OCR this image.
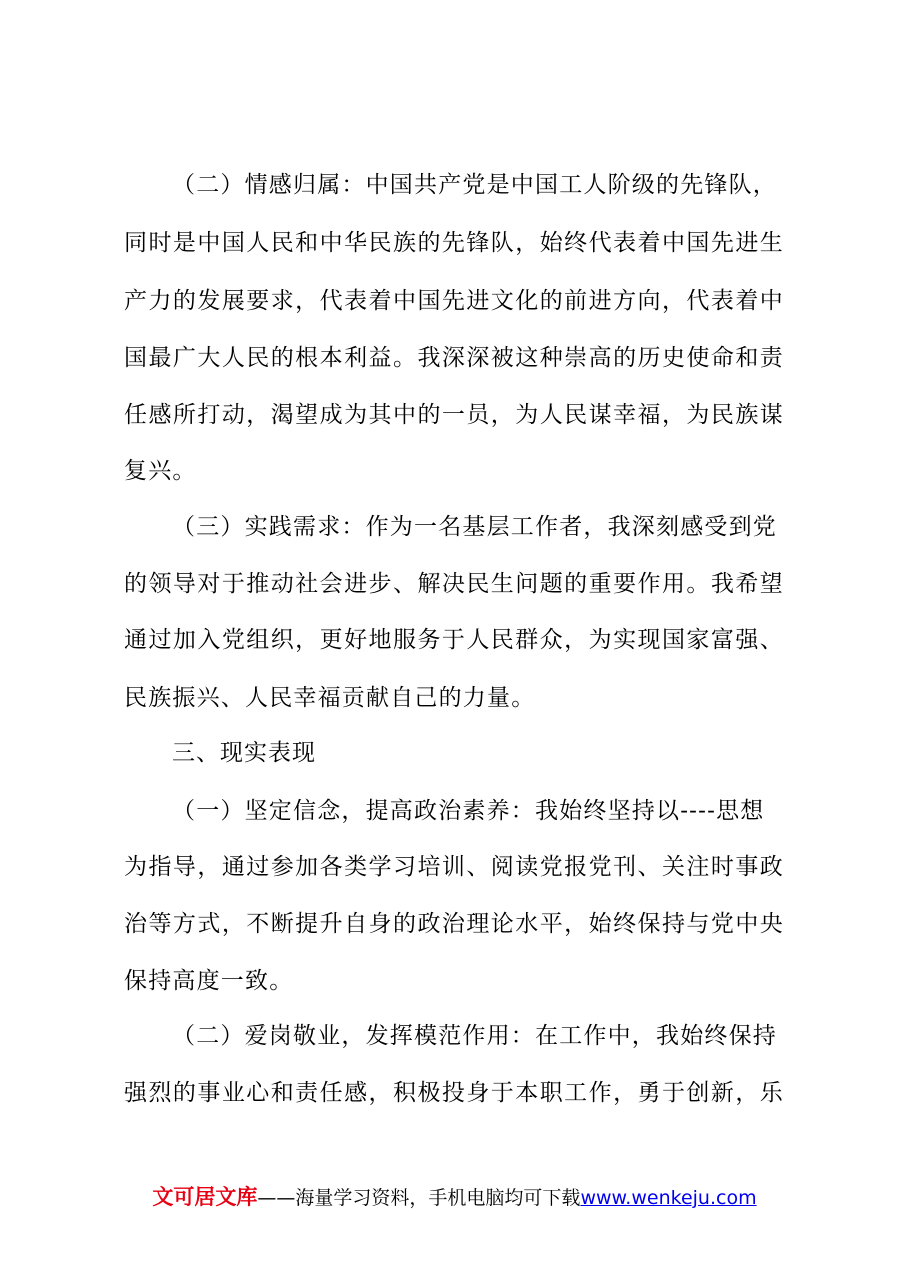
（二）情感归属：中国共产党是中国工人阶级的先锋队，
同时是中国人民和中华民族的先锋队，始终代表着中国先进生
产力的发展要求，代表着中国先进文化的前进方向，代表着中
国最广大人民的根本利益。我深深被这种崇高的历史使命和责
任感所打动，渴望成为其中的一员，为人民谋幸福，为民族谋
复兴。
（三）实践需求：作为一名基层工作者，我深刻感受到党
的领导对于推动社会进步、解决民生问题的重要作用。我希望
通过加入党组织，更好地服务于人民群众，为实现国家富强、
民族振兴、人民幸福贡献自己的力量。
三、现实表现
（一）坚定信念，提高政治素养：我始终坚持以----思想
为指导，通过参加各类学习培训、阅读党报党刊、关注时事政
治等方式，不断提升自身的政治理论水平，始终保持与党中央
保持高度一致。
（二）爱岗敬业，发挥模范作用：在工作中，我始终保持
强烈的事业心和责任感，积极投身于本职工作，勇于创新，乐
文可居文库——海量学习资料，手机电脑均可下载www.wenkeju.com
